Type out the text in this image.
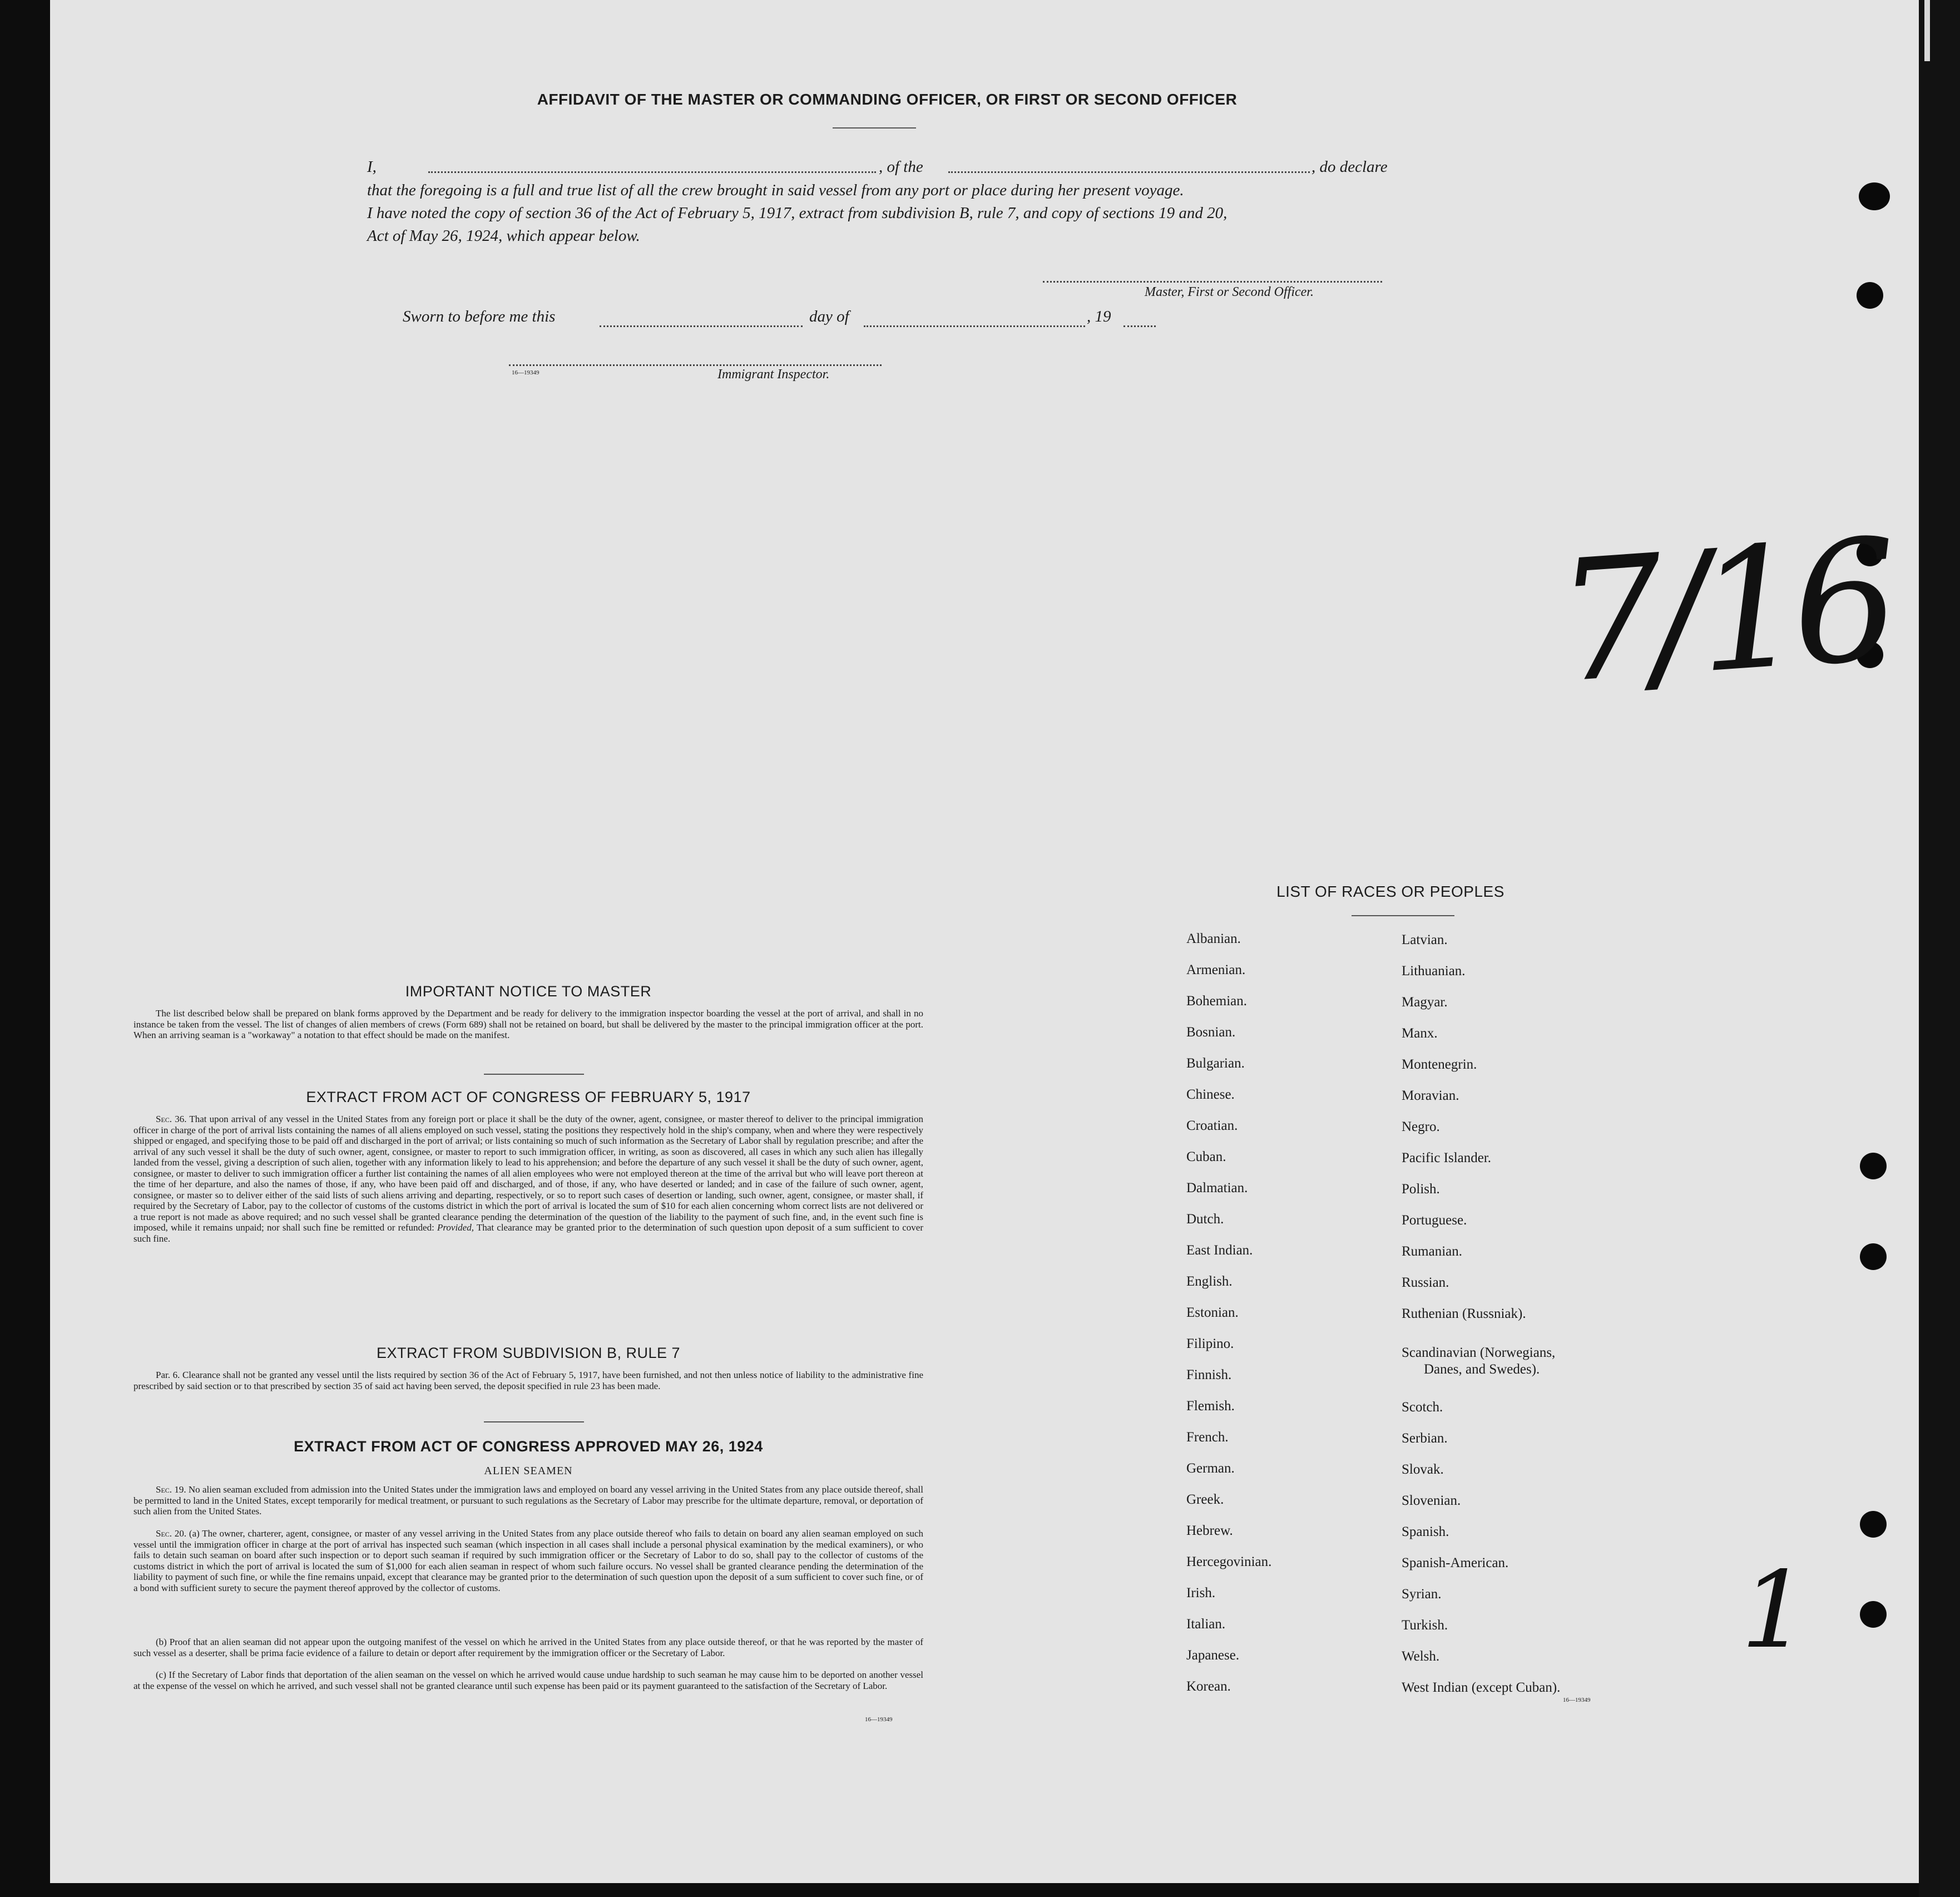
AFFIDAVIT OF THE MASTER OR COMMANDING OFFICER, OR FIRST OR SECOND OFFICER
I,	, of the	, do declare
that the foregoing is a full and true list of all the crew brought in said vessel from any port or place during her present voyage.
I have noted the copy of section 36 of the Act of February 5, 1917, extract from subdivision B, rule 7, and copy of sections 19 and 20,
Act of May 26, 1924, which appear below.
Master, First or Second Officer.
Sworn to before me this	day of	, 19
16—19349	Immigrant Inspector.
7/16
1
IMPORTANT NOTICE TO MASTER
The list described below shall be prepared on blank forms approved by the Department and be ready for delivery to the immigration inspector boarding the vessel at the port of arrival, and shall in no instance be taken from the vessel. The list of changes of alien members of crews (Form 689) shall not be retained on board, but shall be delivered by the master to the principal immigration officer at the port. When an arriving seaman is a "workaway" a notation to that effect should be made on the manifest.
EXTRACT FROM ACT OF CONGRESS OF FEBRUARY 5, 1917
Sec. 36. That upon arrival of any vessel in the United States from any foreign port or place it shall be the duty of the owner, agent, consignee, or master thereof to deliver to the principal immigration officer in charge of the port of arrival lists containing the names of all aliens employed on such vessel, stating the positions they respectively hold in the ship's company, when and where they were respectively shipped or engaged, and specifying those to be paid off and discharged in the port of arrival; or lists containing so much of such information as the Secretary of Labor shall by regulation prescribe; and after the arrival of any such vessel it shall be the duty of such owner, agent, consignee, or master to report to such immigration officer, in writing, as soon as discovered, all cases in which any such alien has illegally landed from the vessel, giving a description of such alien, together with any information likely to lead to his apprehension; and before the departure of any such vessel it shall be the duty of such owner, agent, consignee, or master to deliver to such immigration officer a further list containing the names of all alien employees who were not employed thereon at the time of the arrival but who will leave port thereon at the time of her departure, and also the names of those, if any, who have been paid off and discharged, and of those, if any, who have deserted or landed; and in case of the failure of such owner, agent, consignee, or master so to deliver either of the said lists of such aliens arriving and departing, respectively, or so to report such cases of desertion or landing, such owner, agent, consignee, or master shall, if required by the Secretary of Labor, pay to the collector of customs of the customs district in which the port of arrival is located the sum of $10 for each alien concerning whom correct lists are not delivered or a true report is not made as above required; and no such vessel shall be granted clearance pending the determination of the question of the liability to the payment of such fine, and, in the event such fine is imposed, while it remains unpaid; nor shall such fine be remitted or refunded: Provided, That clearance may be granted prior to the determination of such question upon deposit of a sum sufficient to cover such fine.
EXTRACT FROM SUBDIVISION B, RULE 7
Par. 6. Clearance shall not be granted any vessel until the lists required by section 36 of the Act of February 5, 1917, have been furnished, and not then unless notice of liability to the administrative fine prescribed by said section or to that prescribed by section 35 of said act having been served, the deposit specified in rule 23 has been made.
EXTRACT FROM ACT OF CONGRESS APPROVED MAY 26, 1924
ALIEN SEAMEN
Sec. 19. No alien seaman excluded from admission into the United States under the immigration laws and employed on board any vessel arriving in the United States from any place outside thereof, shall be permitted to land in the United States, except temporarily for medical treatment, or pursuant to such regulations as the Secretary of Labor may prescribe for the ultimate departure, removal, or deportation of such alien from the United States.
Sec. 20. (a) The owner, charterer, agent, consignee, or master of any vessel arriving in the United States from any place outside thereof who fails to detain on board any alien seaman employed on such vessel until the immigration officer in charge at the port of arrival has inspected such seaman (which inspection in all cases shall include a personal physical examination by the medical examiners), or who fails to detain such seaman on board after such inspection or to deport such seaman if required by such immigration officer or the Secretary of Labor to do so, shall pay to the collector of customs of the customs district in which the port of arrival is located the sum of $1,000 for each alien seaman in respect of whom such failure occurs. No vessel shall be granted clearance pending the determination of the liability to payment of such fine, or while the fine remains unpaid, except that clearance may be granted prior to the determination of such question upon the deposit of a sum sufficient to cover such fine, or of a bond with sufficient surety to secure the payment thereof approved by the collector of customs.
(b) Proof that an alien seaman did not appear upon the outgoing manifest of the vessel on which he arrived in the United States from any place outside thereof, or that he was reported by the master of such vessel as a deserter, shall be prima facie evidence of a failure to detain or deport after requirement by the immigration officer or the Secretary of Labor.
(c) If the Secretary of Labor finds that deportation of the alien seaman on the vessel on which he arrived would cause undue hardship to such seaman he may cause him to be deported on another vessel at the expense of the vessel on which he arrived, and such vessel shall not be granted clearance until such expense has been paid or its payment guaranteed to the satisfaction of the Secretary of Labor.
16—19349
LIST OF RACES OR PEOPLES
Albanian.
Armenian.
Bohemian.
Bosnian.
Bulgarian.
Chinese.
Croatian.
Cuban.
Dalmatian.
Dutch.
East Indian.
English.
Estonian.
Filipino.
Finnish.
Flemish.
French.
German.
Greek.
Hebrew.
Hercegovinian.
Irish.
Italian.
Japanese.
Korean.
Latvian.
Lithuanian.
Magyar.
Manx.
Montenegrin.
Moravian.
Negro.
Pacific Islander.
Polish.
Portuguese.
Rumanian.
Russian.
Ruthenian (Russniak).
Scandinavian (Norwegians,
Danes, and Swedes).
Scotch.
Serbian.
Slovak.
Slovenian.
Spanish.
Spanish-American.
Syrian.
Turkish.
Welsh.
West Indian (except Cuban).
16—19349
